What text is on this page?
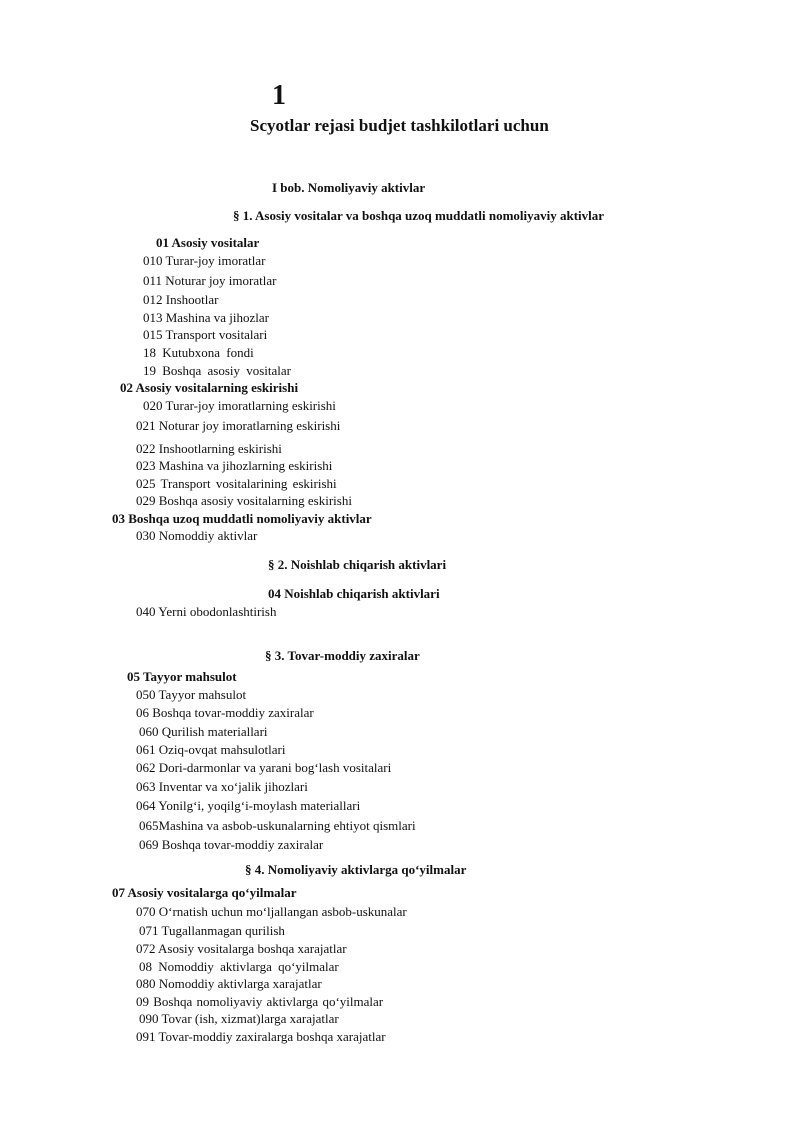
1
Scyotlar rejasi budjet tashkilotlari uchun
I bob. Nomoliyaviy aktivlar
§ 1. Asosiy vositalar va boshqa uzoq muddatli nomoliyaviy aktivlar
01 Asosiy vositalar
010 Turar-joy imoratlar
011 Noturar joy imoratlar
012 Inshootlar
013 Mashina va jihozlar
015 Transport vositalari
18 Kutubxona fondi
19 Boshqa asosiy vositalar
02 Asosiy vositalarning eskirishi
020 Turar-joy imoratlarning eskirishi
021 Noturar joy imoratlarning eskirishi
022 Inshootlarning eskirishi
023 Mashina va jihozlarning eskirishi
025 Transport vositalarining eskirishi
029 Boshqa asosiy vositalarning eskirishi
03 Boshqa uzoq muddatli nomoliyaviy aktivlar
030 Nomoddiy aktivlar
§ 2. Noishlab chiqarish aktivlari
04 Noishlab chiqarish aktivlari
040 Yerni obodonlashtirish
§ 3. Tovar-moddiy zaxiralar
05 Tayyor mahsulot
050 Tayyor mahsulot
06 Boshqa tovar-moddiy zaxiralar
060 Qurilish materiallari
061 Oziq-ovqat mahsulotlari
062 Dori-darmonlar va yarani bog‘lash vositalari
063 Inventar va xo‘jalik jihozlari
064 Yonilg‘i, yoqilg‘i-moylash materiallari
065Mashina va asbob-uskunalarning ehtiyot qismlari
069 Boshqa tovar-moddiy zaxiralar
§ 4. Nomoliyaviy aktivlarga qo‘yilmalar
07 Asosiy vositalarga qo‘yilmalar
070 O‘rnatish uchun mo‘ljallangan asbob-uskunalar
071 Tugallanmagan qurilish
072 Asosiy vositalarga boshqa xarajatlar
08 Nomoddiy aktivlarga qo‘yilmalar
080 Nomoddiy aktivlarga xarajatlar
09 Boshqa nomoliyaviy aktivlarga qo‘yilmalar
090 Tovar (ish, xizmat)larga xarajatlar
091 Tovar-moddiy zaxiralarga boshqa xarajatlar
